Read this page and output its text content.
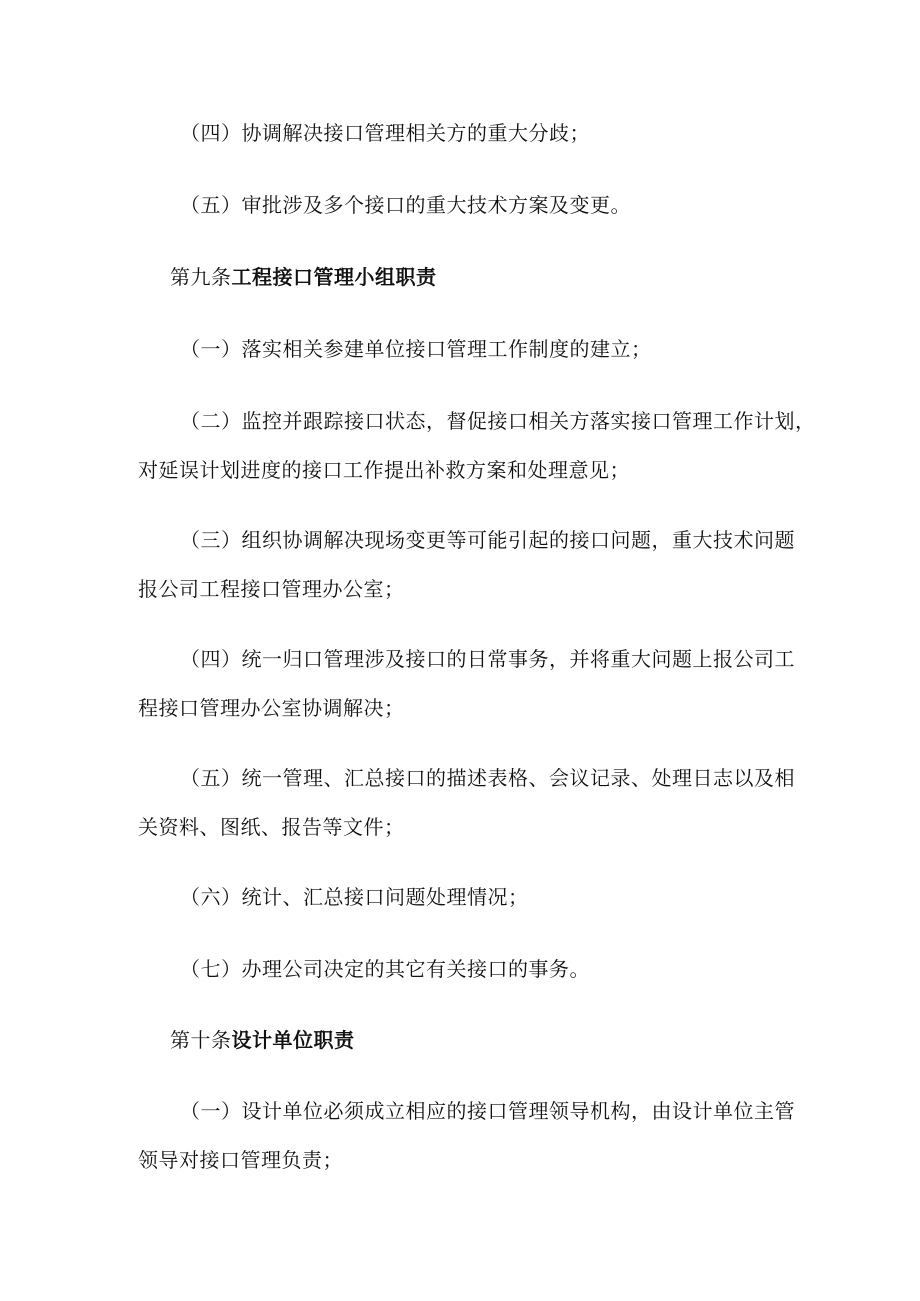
（四）协调解决接口管理相关方的重大分歧；
（五）审批涉及多个接口的重大技术方案及变更。
第九条工程接口管理小组职责
（一）落实相关参建单位接口管理工作制度的建立；
（二）监控并跟踪接口状态，督促接口相关方落实接口管理工作计划，
对延误计划进度的接口工作提出补救方案和处理意见；
（三）组织协调解决现场变更等可能引起的接口问题，重大技术问题
报公司工程接口管理办公室；
（四）统一归口管理涉及接口的日常事务，并将重大问题上报公司工
程接口管理办公室协调解决；
（五）统一管理、汇总接口的描述表格、会议记录、处理日志以及相
关资料、图纸、报告等文件；
（六）统计、汇总接口问题处理情况；
（七）办理公司决定的其它有关接口的事务。
第十条设计单位职责
（一）设计单位必须成立相应的接口管理领导机构，由设计单位主管
领导对接口管理负责；
